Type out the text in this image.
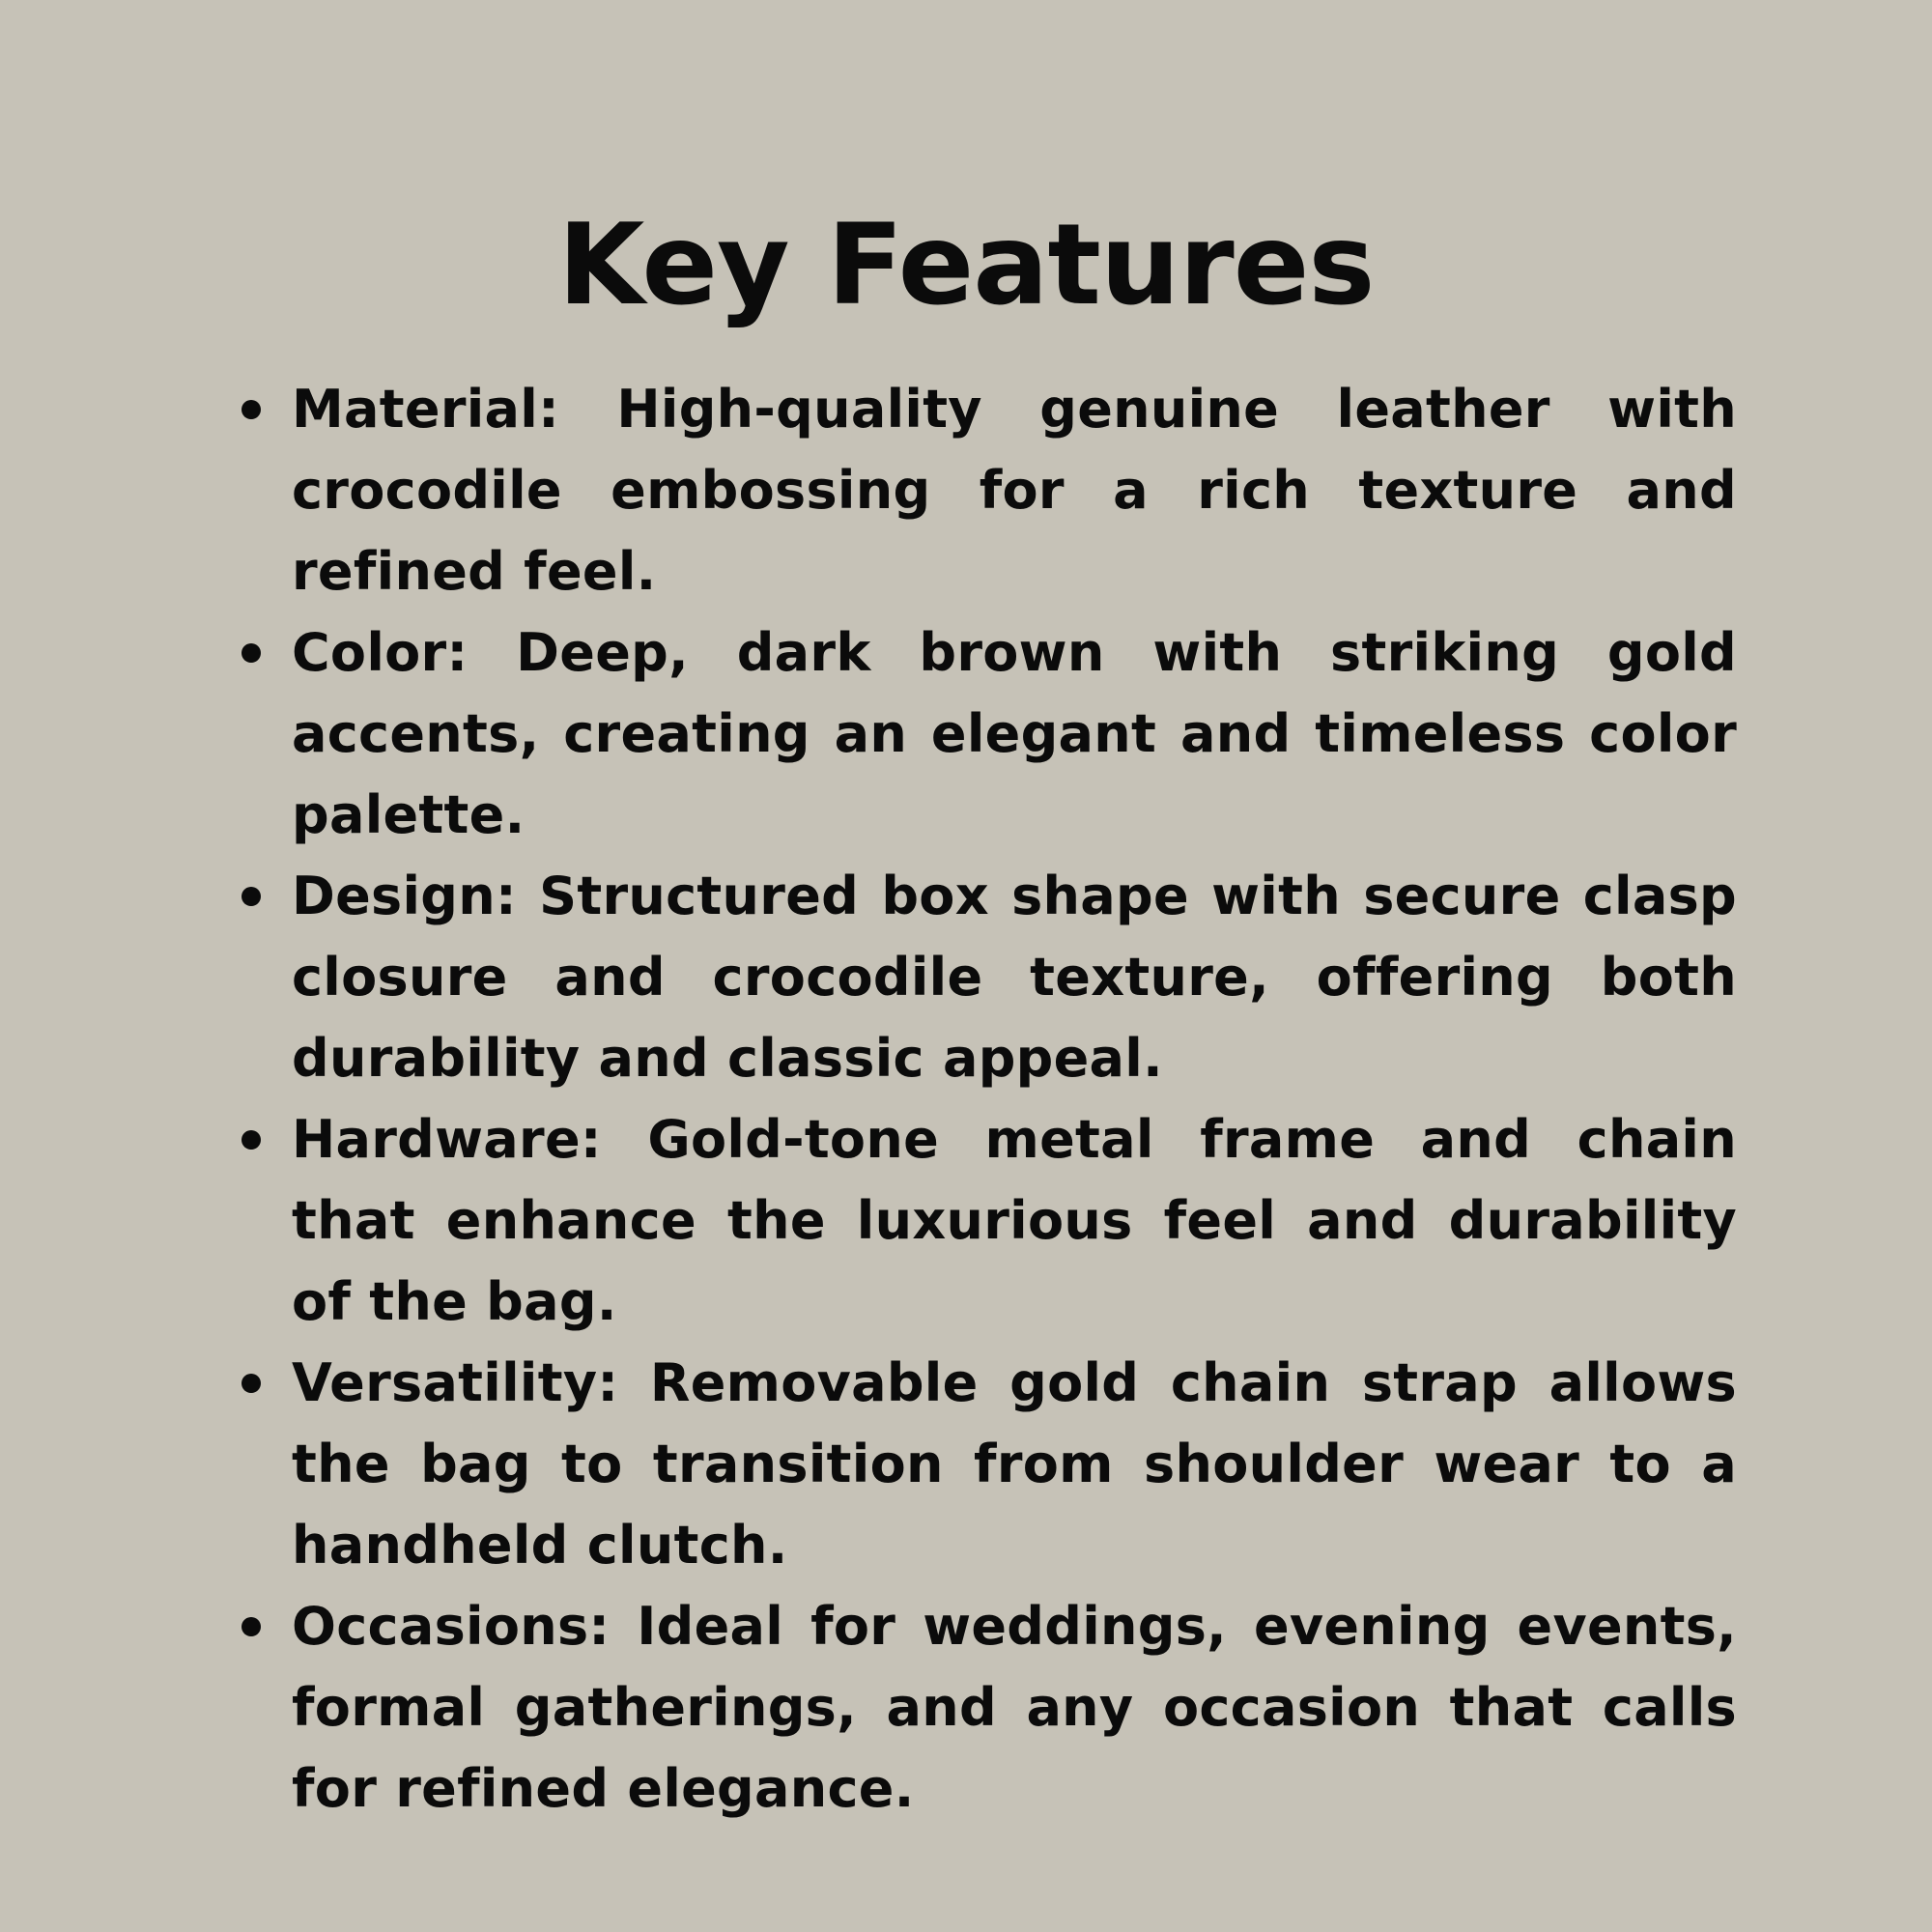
Key Features
Material: High-quality genuine leather with crocodile embossing for a rich texture and refined feel.
Color: Deep, dark brown with striking gold accents, creating an elegant and timeless color palette.
Design: Structured box shape with secure clasp closure and crocodile texture, offering both durability and classic appeal.
Hardware: Gold-tone metal frame and chain that enhance the luxurious feel and durability of the bag.
Versatility: Removable gold chain strap allows the bag to transition from shoulder wear to a handheld clutch.
Occasions: Ideal for weddings, evening events, formal gatherings, and any occasion that calls for refined elegance.
